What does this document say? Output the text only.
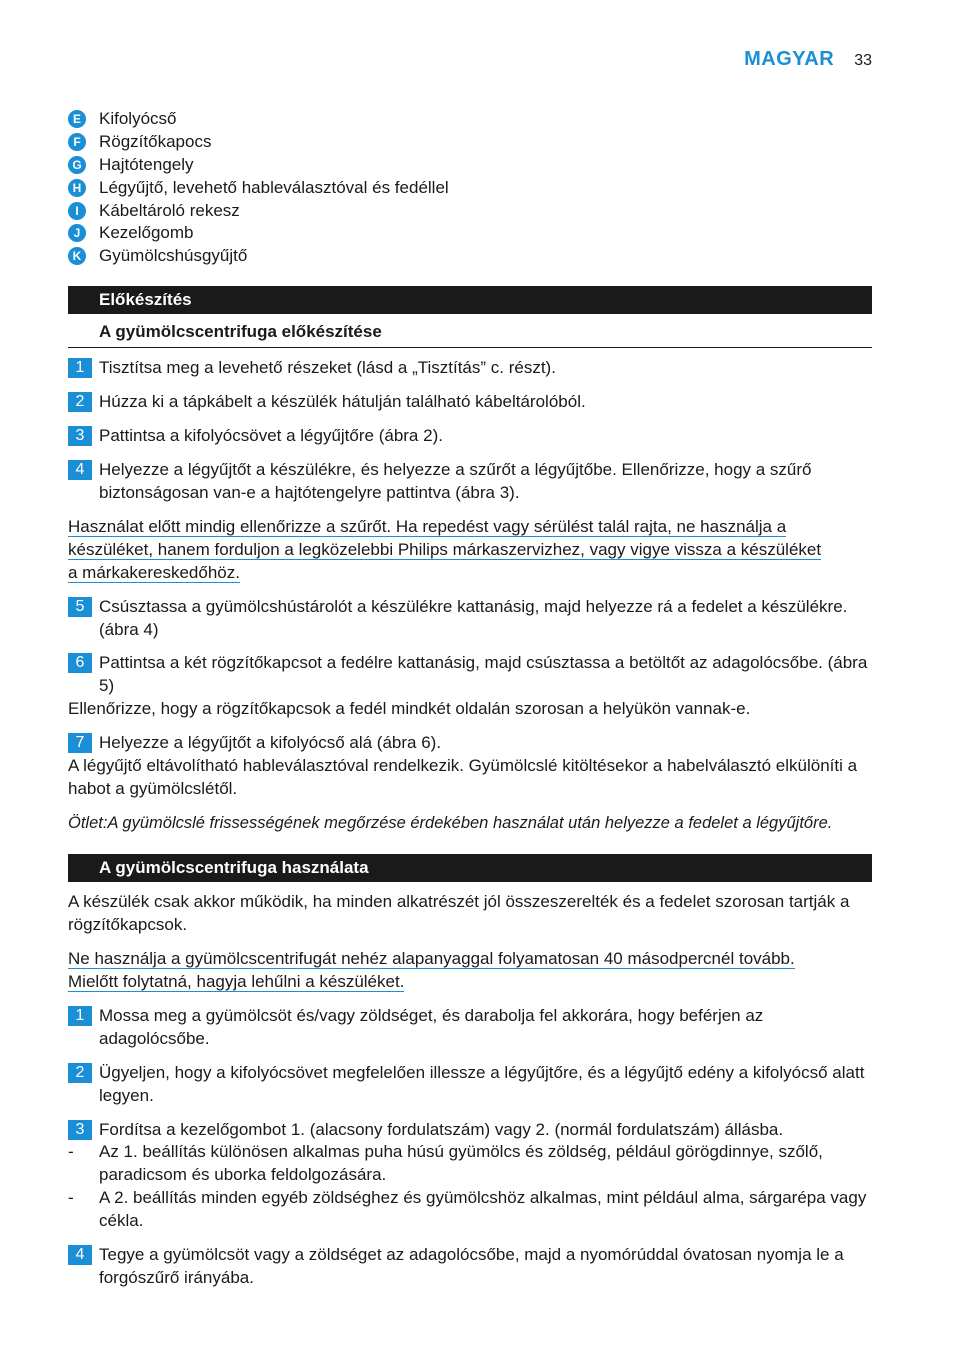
MAGYAR 33
E Kifolyócső
F	Rögzítőkapocs
G Hajtótengely
H Légyűjtő, levehető hableválasztóval és fedéllel
I	Kábeltároló rekesz
J	Kezelőgomb
K Gyümölcshúsgyűjtő
Előkészítés
A gyümölcscentrifuga előkészítése
1 Tisztítsa meg a levehető részeket (lásd a „Tisztítás” c. részt).
2 Húzza ki a tápkábelt a készülék hátulján található kábeltárolóból.
3 Pattintsa a kifolyócsövet a légyűjtőre (ábra 2).
4 Helyezze a légyűjtőt a készülékre, és helyezze a szűrőt a légyűjtőbe. Ellenőrizze, hogy a szűrő biztonságosan van-e a hajtótengelyre pattintva (ábra 3).
Használat előtt mindig ellenőrizze a szűrőt. Ha repedést vagy sérülést talál rajta, ne használja a
készüléket, hanem forduljon a legközelebbi Philips márkaszervizhez, vagy vigye vissza a készüléket
a márkakereskedőhöz.
5 Csúsztassa a gyümölcshústárolót a készülékre kattanásig, majd helyezze rá a fedelet a készülékre. (ábra 4)
6 Pattintsa a két rögzítőkapcsot a fedélre kattanásig, majd csúsztassa a betöltőt az adagolócsőbe. (ábra 5)
Ellenőrizze, hogy a rögzítőkapcsok a fedél mindkét oldalán szorosan a helyükön vannak-e.
7 Helyezze a légyűjtőt a kifolyócső alá (ábra 6).
A légyűjtő eltávolítható hableválasztóval rendelkezik. Gyümölcslé kitöltésekor a habelválasztó elkülöníti a habot a gyümölcslétől.
Ötlet:A gyümölcslé frissességének megőrzése érdekében használat után helyezze a fedelet a légyűjtőre.
A gyümölcscentrifuga használata
A készülék csak akkor működik, ha minden alkatrészét jól összeszerelték és a fedelet szorosan tartják a rögzítőkapcsok.
Ne használja a gyümölcscentrifugát nehéz alapanyaggal folyamatosan 40 másodpercnél tovább.
Mielőtt folytatná, hagyja lehűlni a készüléket.
1 Mossa meg a gyümölcsöt és/vagy zöldséget, és darabolja fel akkorára, hogy beférjen az adagolócsőbe.
2 Ügyeljen, hogy a kifolyócsövet megfelelően illessze a légyűjtőre, és a légyűjtő edény a kifolyócső alatt legyen.
3 Fordítsa a kezelőgombot 1. (alacsony fordulatszám) vagy 2. (normál fordulatszám) állásba.
- Az 1. beállítás különösen alkalmas puha húsú gyümölcs és zöldség, például görögdinnye, szőlő, paradicsom és uborka feldolgozására.
- A 2. beállítás minden egyéb zöldséghez és gyümölcshöz alkalmas, mint például alma, sárgarépa vagy cékla.
4 Tegye a gyümölcsöt vagy a zöldséget az adagolócsőbe, majd a nyomórúddal óvatosan nyomja le a forgószűrő irányába.
